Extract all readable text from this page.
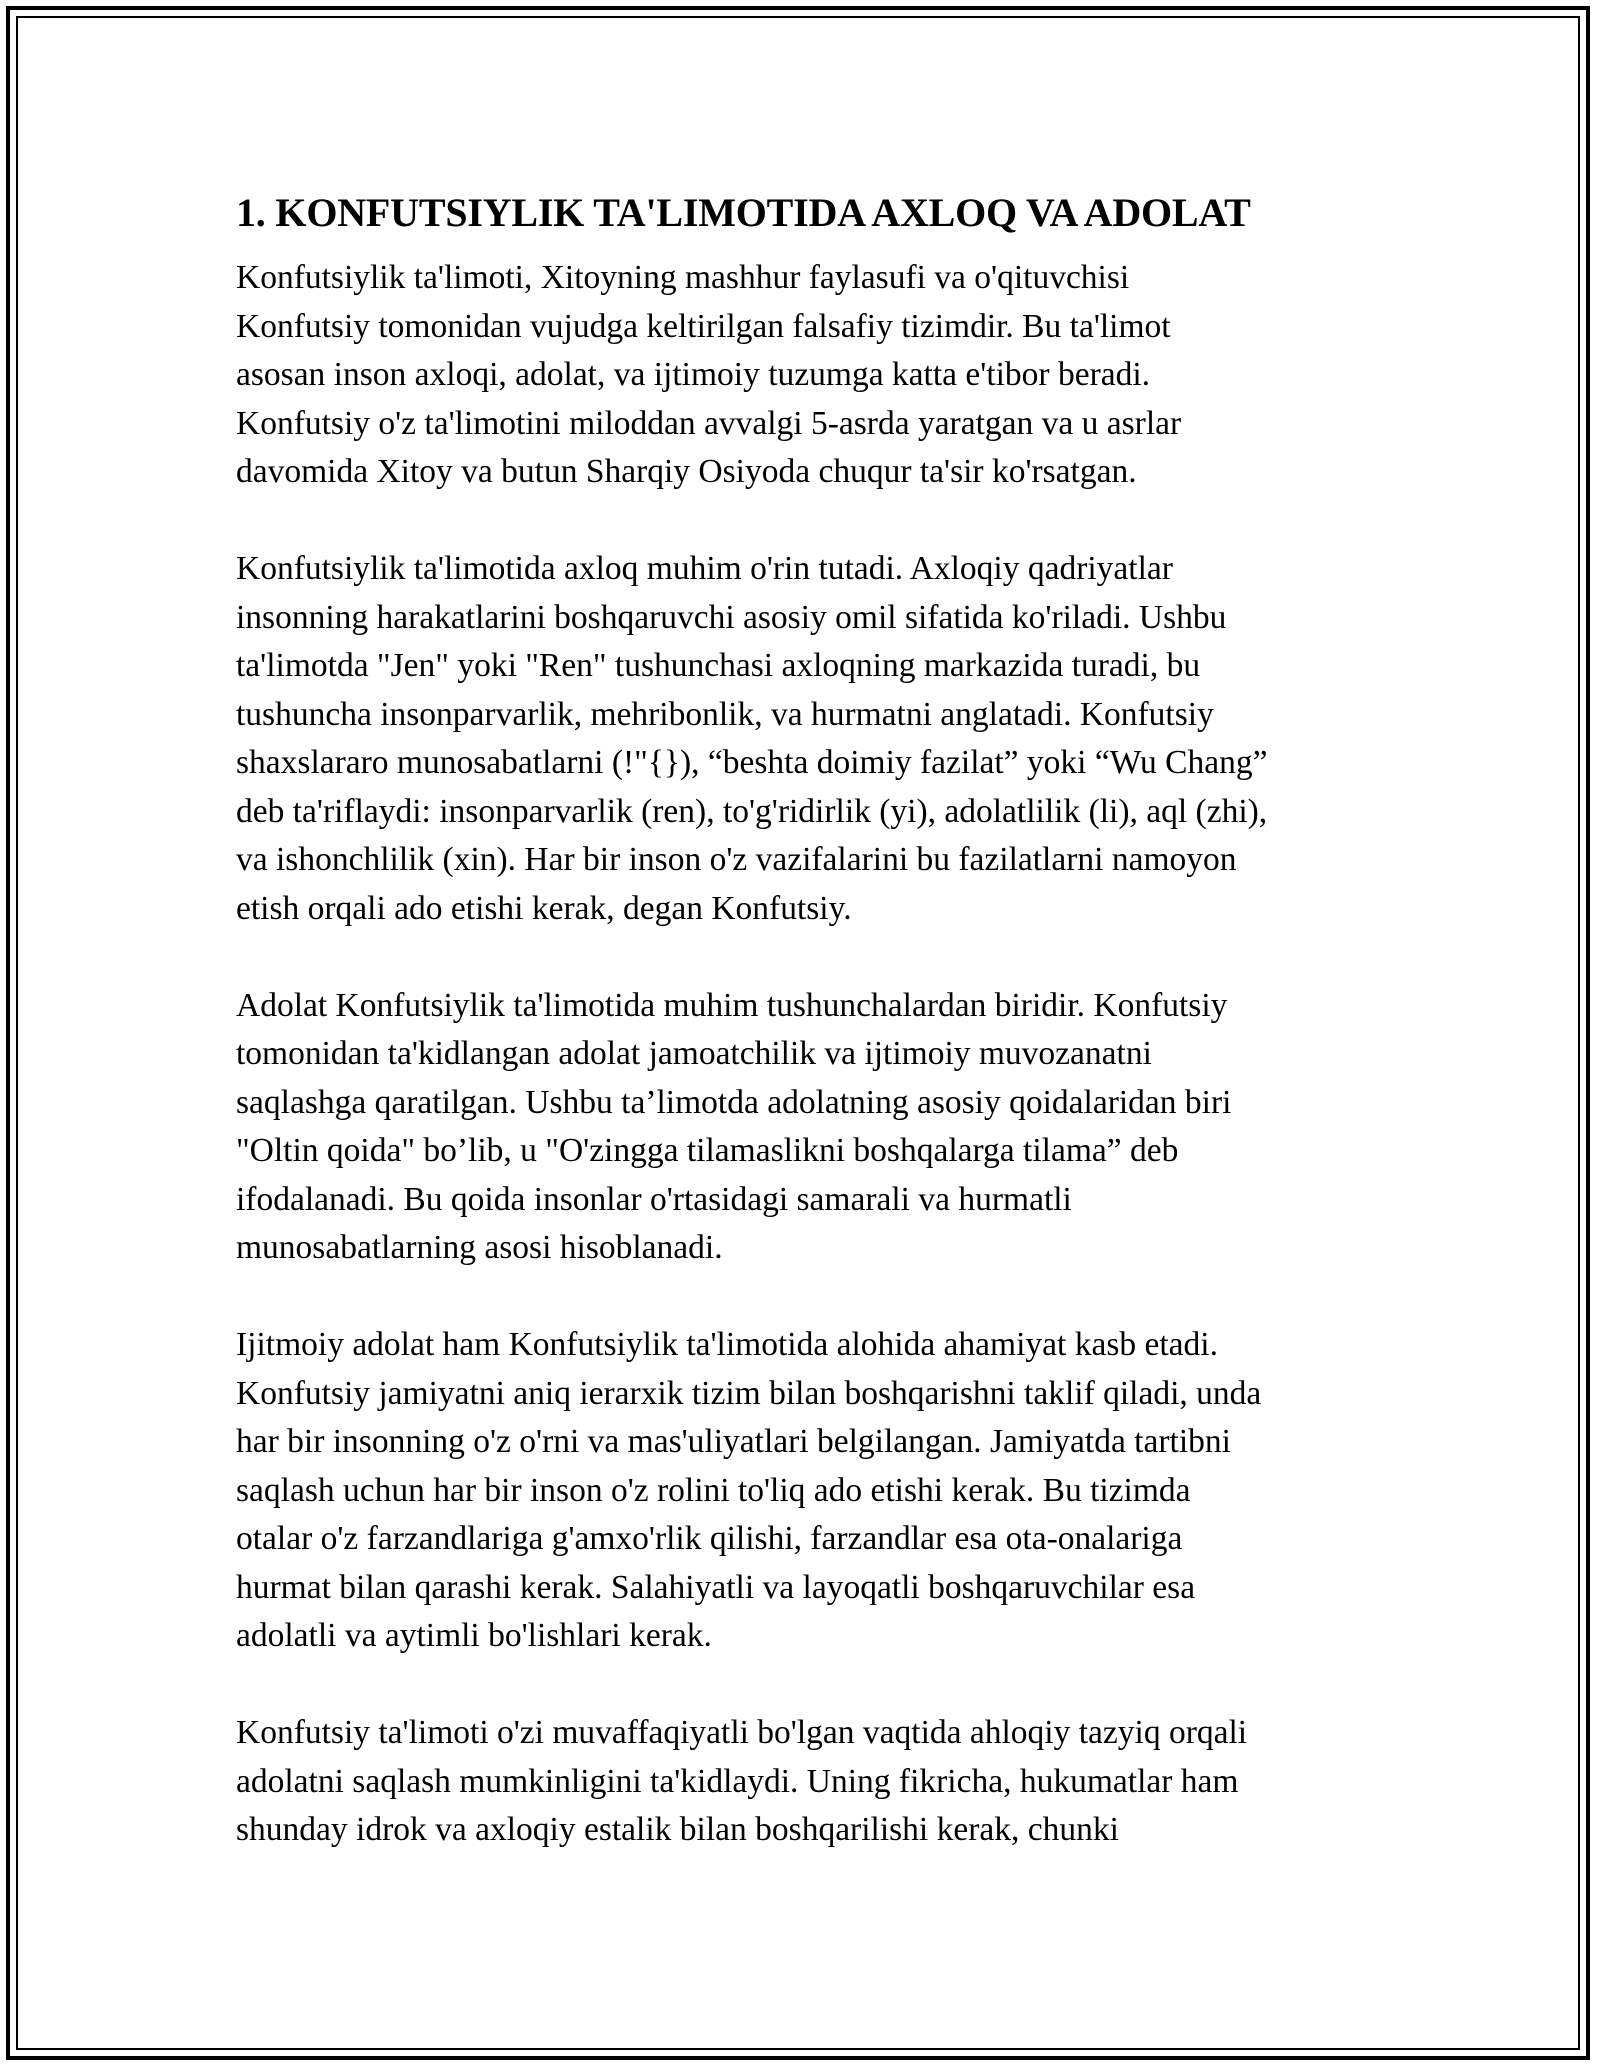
1. KONFUTSIYLIK TA'LIMOTIDA AXLOQ VA ADOLAT

Konfutsiylik ta'limoti, Xitoyning mashhur faylasufi va o'qituvchisi
Konfutsiy tomonidan vujudga keltirilgan falsafiy tizimdir. Bu ta'limot
asosan inson axloqi, adolat, va ijtimoiy tuzumga katta e'tibor beradi.
Konfutsiy o'z ta'limotini miloddan avvalgi 5-asrda yaratgan va u asrlar
davomida Xitoy va butun Sharqiy Osiyoda chuqur ta'sir ko'rsatgan.

Konfutsiylik ta'limotida axloq muhim o'rin tutadi. Axloqiy qadriyatlar
insonning harakatlarini boshqaruvchi asosiy omil sifatida ko'riladi. Ushbu
ta'limotda "Jen" yoki "Ren" tushunchasi axloqning markazida turadi, bu
tushuncha insonparvarlik, mehribonlik, va hurmatni anglatadi. Konfutsiy
shaxslararo munosabatlarni (!"{}), “beshta doimiy fazilat” yoki “Wu Chang”
deb ta'riflaydi: insonparvarlik (ren), to'g'ridirlik (yi), adolatlilik (li), aql (zhi),
va ishonchlilik (xin). Har bir inson o'z vazifalarini bu fazilatlarni namoyon
etish orqali ado etishi kerak, degan Konfutsiy.

Adolat Konfutsiylik ta'limotida muhim tushunchalardan biridir. Konfutsiy
tomonidan ta'kidlangan adolat jamoatchilik va ijtimoiy muvozanatni
saqlashga qaratilgan. Ushbu ta’limotda adolatning asosiy qoidalaridan biri
"Oltin qoida" bo’lib, u "O'zingga tilamaslikni boshqalarga tilama” deb
ifodalanadi. Bu qoida insonlar o'rtasidagi samarali va hurmatli
munosabatlarning asosi hisoblanadi.

Ijitmoiy adolat ham Konfutsiylik ta'limotida alohida ahamiyat kasb etadi.
Konfutsiy jamiyatni aniq ierarxik tizim bilan boshqarishni taklif qiladi, unda
har bir insonning o'z o'rni va mas'uliyatlari belgilangan. Jamiyatda tartibni
saqlash uchun har bir inson o'z rolini to'liq ado etishi kerak. Bu tizimda
otalar o'z farzandlariga g'amxo'rlik qilishi, farzandlar esa ota-onalariga
hurmat bilan qarashi kerak. Salahiyatli va layoqatli boshqaruvchilar esa
adolatli va aytimli bo'lishlari kerak.

Konfutsiy ta'limoti o'zi muvaffaqiyatli bo'lgan vaqtida ahloqiy tazyiq orqali
adolatni saqlash mumkinligini ta'kidlaydi. Uning fikricha, hukumatlar ham
shunday idrok va axloqiy estalik bilan boshqarilishi kerak, chunki
